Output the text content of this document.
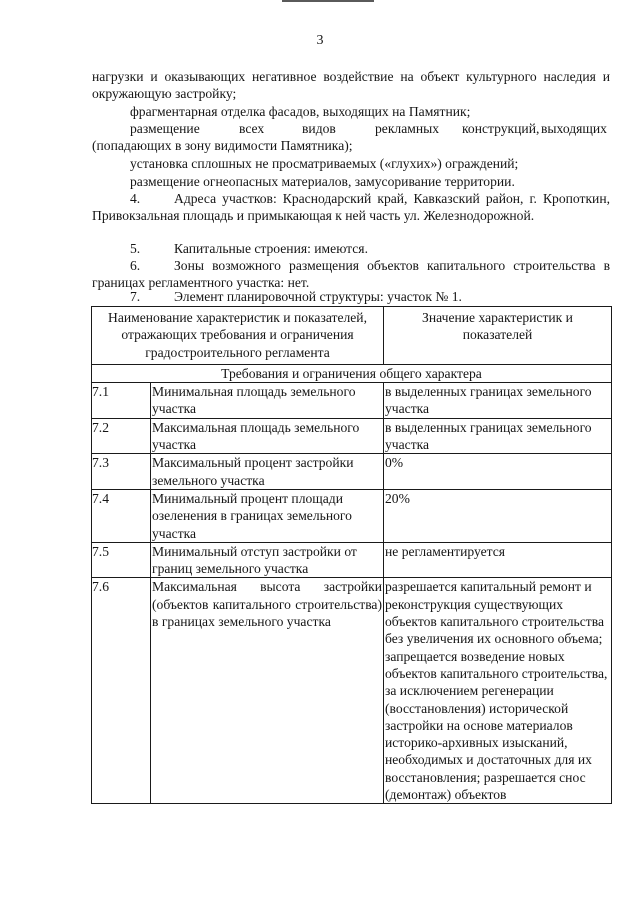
3
нагрузки и оказывающих негативное воздействие на объект культурного наследия и окружающую застройку;
фрагментарная отделка фасадов, выходящих на Памятник;
размещение	всех	видов	рекламных конструкций, выходящих
(попадающих в зону видимости Памятника);
установка сплошных не просматриваемых («глухих») ограждений;
размещение огнеопасных материалов, замусоривание территории.
4. Адреса участков: Краснодарский край, Кавказский район, г. Кропоткин, Привокзальная площадь и примыкающая к ней часть ул. Железнодорожной.
5. Капитальные строения: имеются.
6. Зоны возможного размещения объектов капитального строительства в границах регламентного участка: нет.
7. Элемент планировочной структуры: участок № 1.
Наименование характеристик и показателей, отражающих требования и ограничения градостроительного регламента		Значение характеристик и показателей
Требования и ограничения общего характера		
7.1	Минимальная площадь земельного участка	в выделенных границах земельного участка
7.2	Максимальная площадь земельного участка	в выделенных границах земельного участка
7.3	Максимальный процент застройки земельного участка	0%
7.4	Минимальный процент площади озеленения в границах земельного участка	20%
7.5	Минимальный отступ застройки от границ земельного участка	не регламентируется
7.6	Максимальная высота застройки (объектов капитального строительства) в границах земельного участка	разрешается капитальный ремонт и реконструкция существующих объектов капитального строительства без увеличения их основного объема; запрещается возведение новых объектов капитального строительства, за исключением регенерации (восстановления) исторической застройки на основе материалов историко-архивных изысканий, необходимых и достаточных для их восстановления; разрешается снос (демонтаж) объектов
